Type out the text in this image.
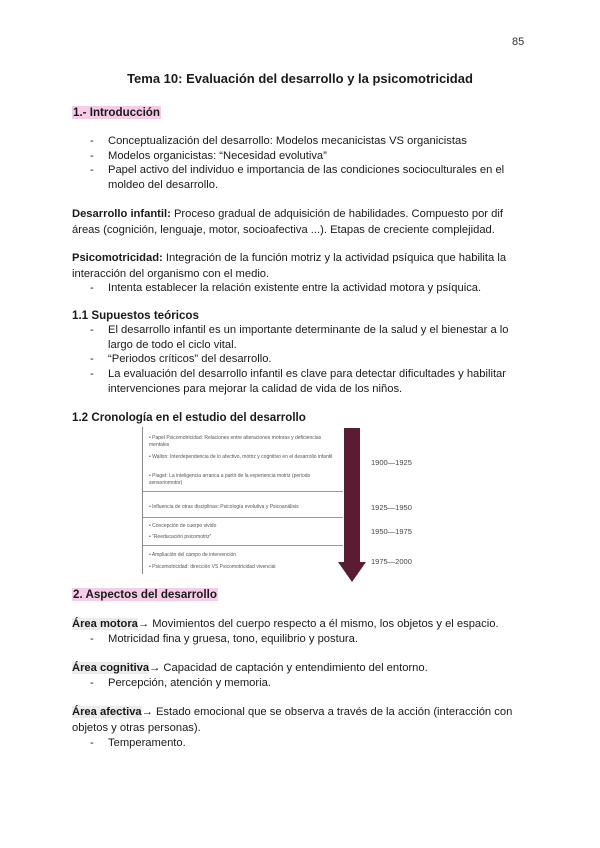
85
Tema 10: Evaluación del desarrollo y la psicomotricidad
1.- Introducción
- Conceptualización del desarrollo: Modelos mecanicistas VS organicistas
- Modelos organicistas: “Necesidad evolutiva”
- Papel activo del individuo e importancia de las condiciones socioculturales en el moldeo del desarrollo.
Desarrollo infantil: Proceso gradual de adquisición de habilidades. Compuesto por dif áreas (cognición, lenguaje, motor, socioafectiva ...). Etapas de creciente complejidad.
Psicomotricidad: Integración de la función motriz y la actividad psíquica que habilita la interacción del organismo con el medio.
- Intenta establecer la relación existente entre la actividad motora y psíquica.
1.1 Supuestos teóricos
- El desarrollo infantil es un importante determinante de la salud y el bienestar a lo largo de todo el ciclo vital.
- “Periodos críticos” del desarrollo.
- La evaluación del desarrollo infantil es clave para detectar dificultades y habilitar intervenciones para mejorar la calidad de vida de los niños.
1.2 Cronología en el estudio del desarrollo
• Papel Psicomotricidad: Relaciones entre alteraciones motoras y deficiencias mentales
• Wallon: Interdependencia de lo afectivo, motriz y cognitivo en el desarrollo infantil
• Piaget: La inteligencia arranca a partir de la experiencia motriz (periodo sensoriomotor)
• Influencia de otras disciplinas: Psicología evolutiva y Psicoanálisis
• Concepción de cuerpo vivido
• “Reeducación psicomotriz”
• Ampliación del campo de intervención
• Psicomotricidad: dirección VS Psicomotricidad vivencial
1900—1925
1925—1950
1950—1975
1975—2000
2. Aspectos del desarrollo
Área motora→ Movimientos del cuerpo respecto a él mismo, los objetos y el espacio.
- Motricidad fina y gruesa, tono, equilibrio y postura.
Área cognitiva→ Capacidad de captación y entendimiento del entorno.
- Percepción, atención y memoria.
Área afectiva→ Estado emocional que se observa a través de la acción (interacción con objetos y otras personas).
- Temperamento.
